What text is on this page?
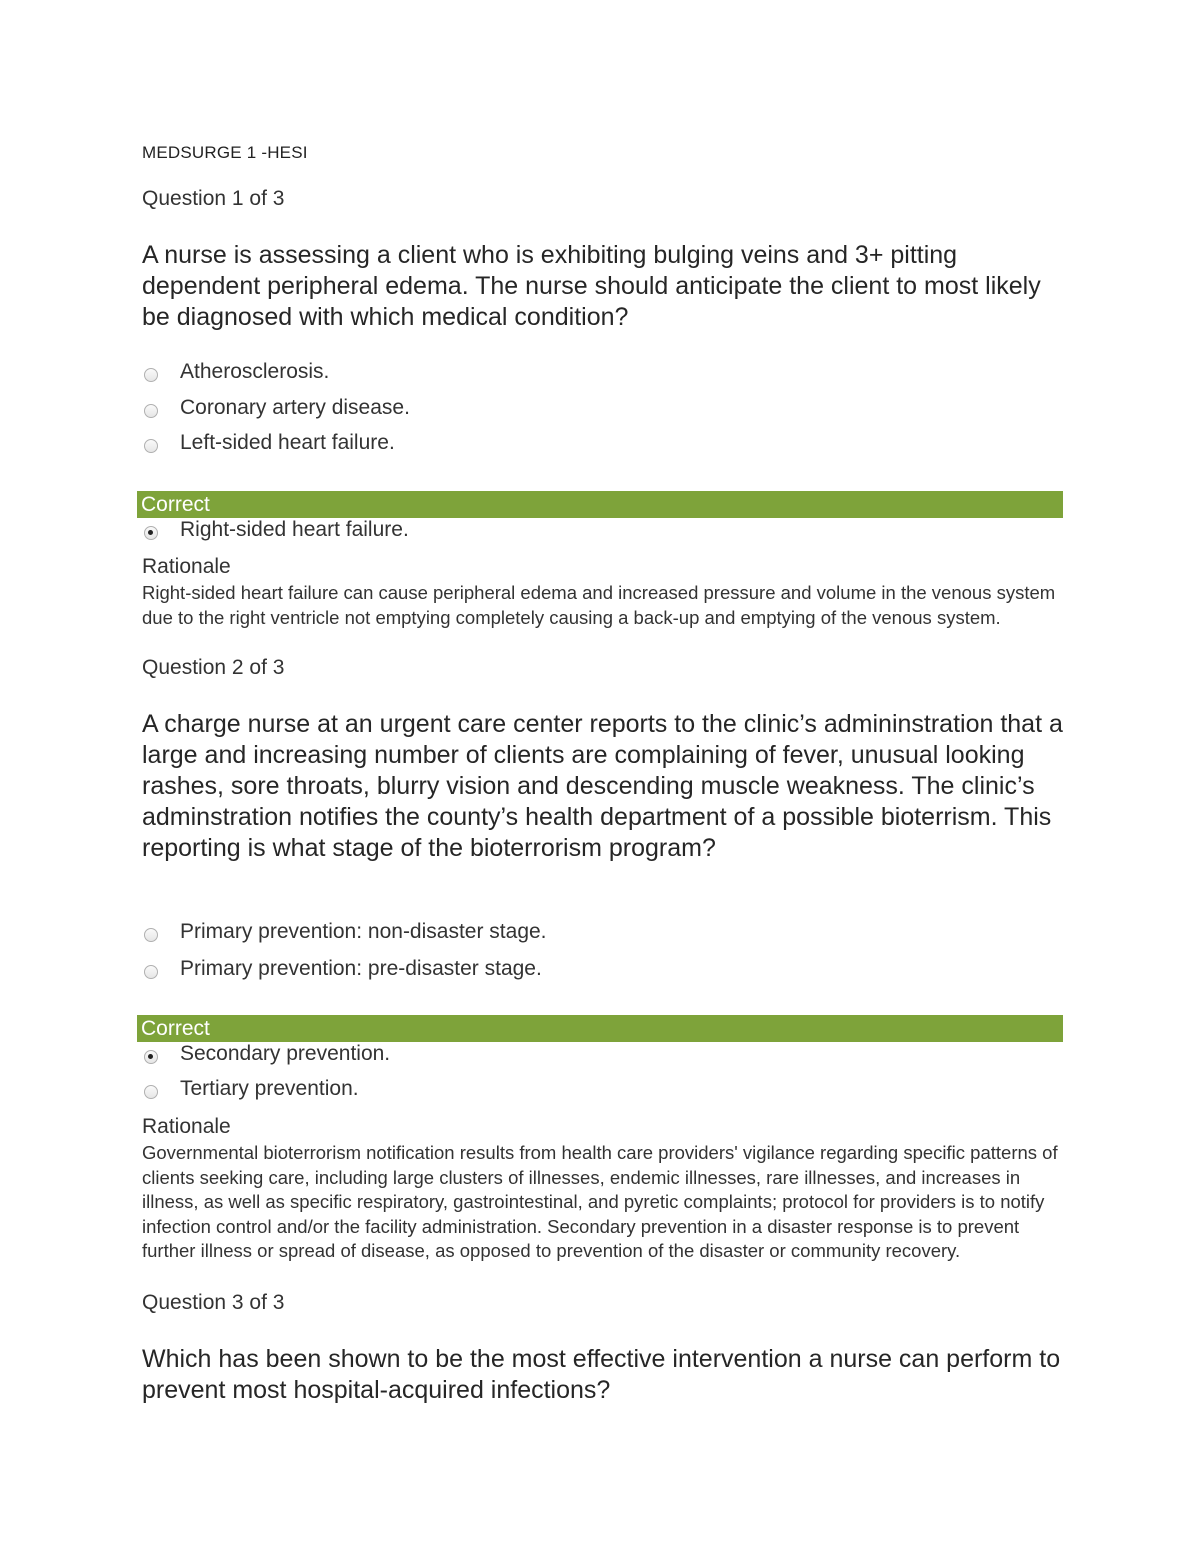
MEDSURGE 1 -HESI
Question 1 of 3
A nurse is assessing a client who is exhibiting bulging veins and 3+ pitting dependent peripheral edema. The nurse should anticipate the client to most likely be diagnosed with which medical condition?
Atherosclerosis.
Coronary artery disease.
Left-sided heart failure.
Correct
Right-sided heart failure.
Rationale
Right-sided heart failure can cause peripheral edema and increased pressure and volume in the venous system due to the right ventricle not emptying completely causing a back-up and emptying of the venous system.
Question 2 of 3
A charge nurse at an urgent care center reports to the clinic’s admininstration that a large and increasing number of clients are complaining of fever, unusual looking rashes, sore throats, blurry vision and descending muscle weakness. The clinic’s adminstration notifies the county’s health department of a possible bioterrism. This reporting is what stage of the bioterrorism program?
Primary prevention: non-disaster stage.
Primary prevention: pre-disaster stage.
Correct
Secondary prevention.
Tertiary prevention.
Rationale
Governmental bioterrorism notification results from health care providers' vigilance regarding specific patterns of clients seeking care, including large clusters of illnesses, endemic illnesses, rare illnesses, and increases in illness, as well as specific respiratory, gastrointestinal, and pyretic complaints; protocol for providers is to notify infection control and/or the facility administration. Secondary prevention in a disaster response is to prevent further illness or spread of disease, as opposed to prevention of the disaster or community recovery.
Question 3 of 3
Which has been shown to be the most effective intervention a nurse can perform to prevent most hospital-acquired infections?
